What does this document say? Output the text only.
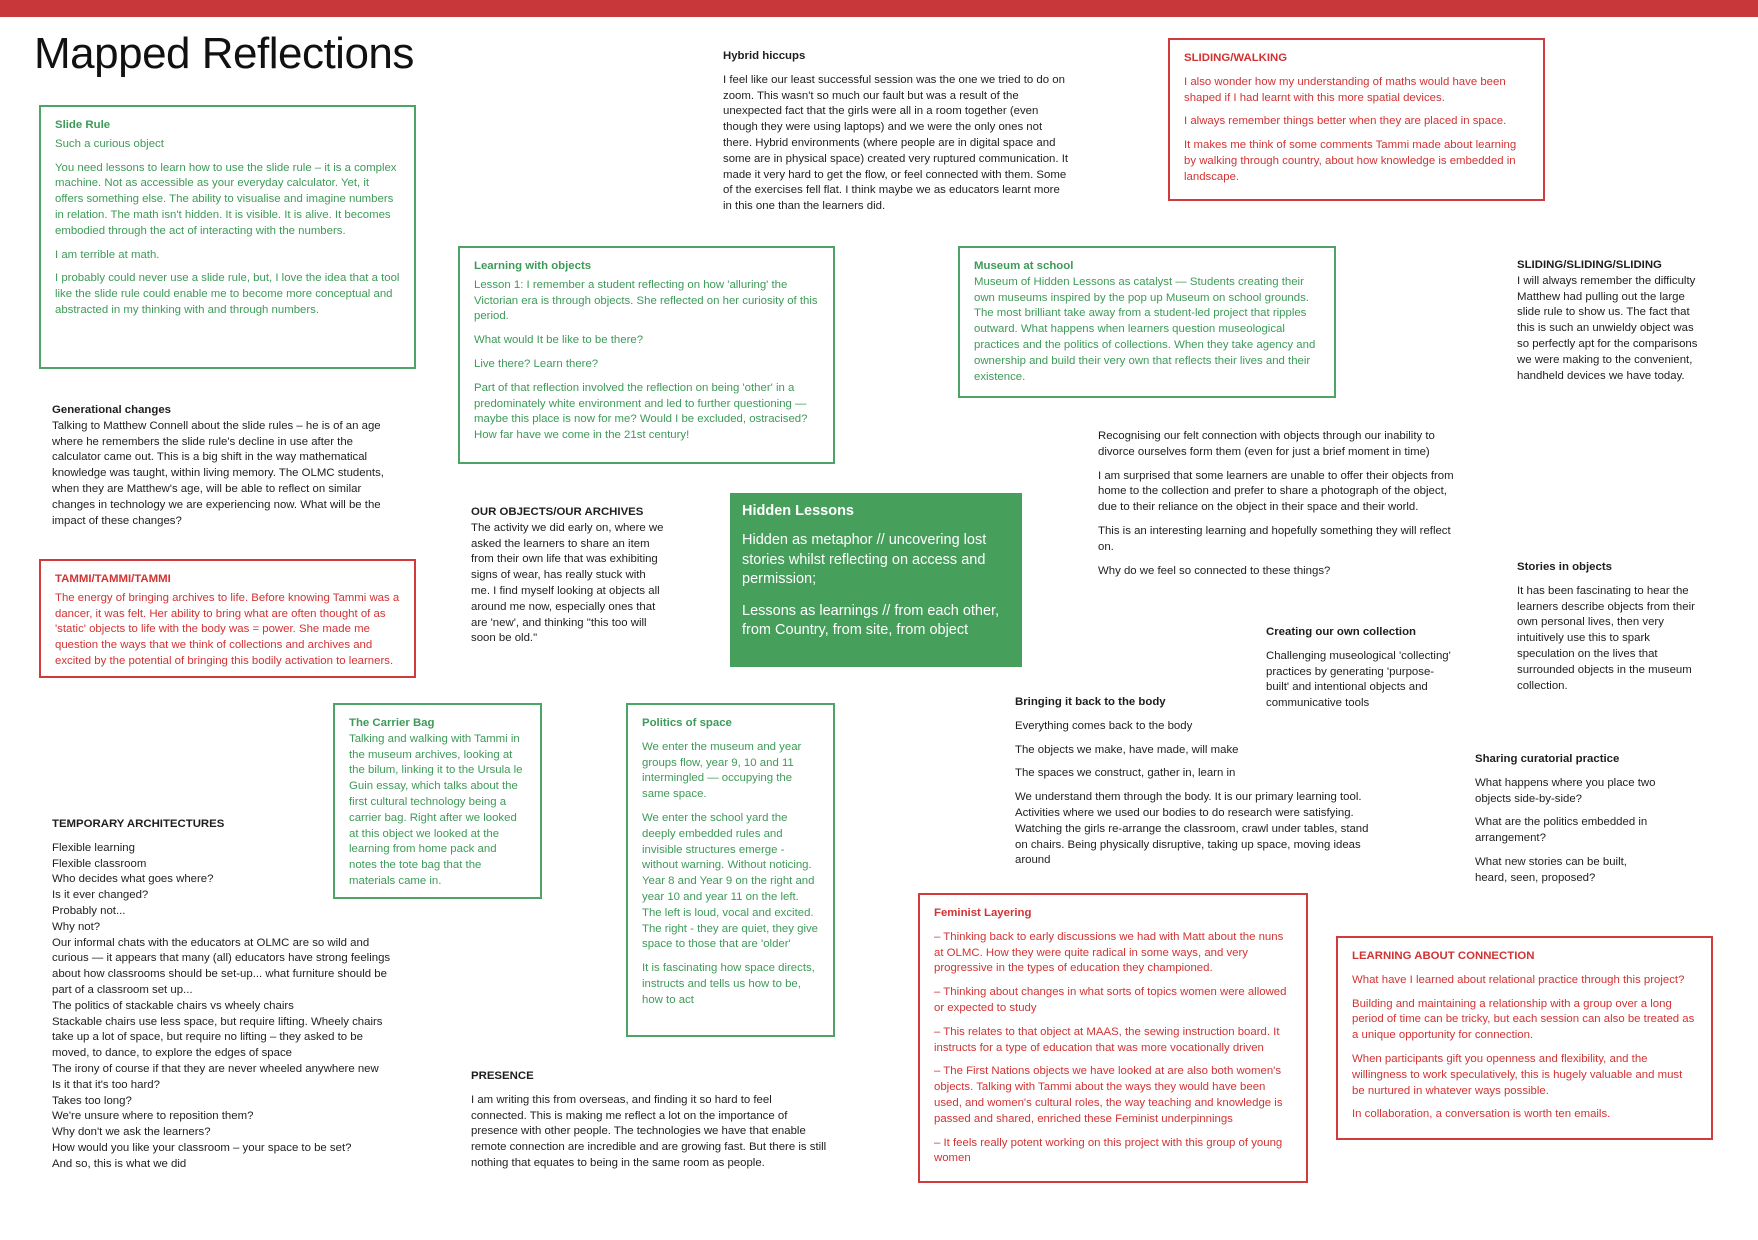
Mapped Reflections
Slide Rule

Such a curious object

You need lessons to learn how to use the slide rule – it is a complex machine. Not as accessible as your everyday calculator. Yet, it offers something else. The ability to visualise and imagine numbers in relation. The math isn't hidden. It is visible. It is alive. It becomes embodied through the act of interacting with the numbers.

I am terrible at math.

I probably could never use a slide rule, but, I love the idea that a tool like the slide rule could enable me to become more conceptual and abstracted in my thinking with and through numbers.

Generational changes

Talking to Matthew Connell about the slide rules – he is of an age where he remembers the slide rule's decline in use after the calculator came out. This is a big shift in the way mathematical knowledge was taught, within living memory. The OLMC students, when they are Matthew's age, will be able to reflect on similar changes in technology we are experiencing now. What will be the impact of these changes?

TAMMI/TAMMI/TAMMI

The energy of bringing archives to life. Before knowing Tammi was a dancer, it was felt. Her ability to bring what are often thought of as 'static' objects to life with the body was = power. She made me question the ways that we think of collections and archives and excited by the potential of bringing this bodily activation to learners.

TEMPORARY ARCHITECTURES
Flexible learning
Flexible classroom
Who decides what goes where?
Is it ever changed?
Probably not...
Why not?
Our informal chats with the educators at OLMC are so wild and curious — it appears that many (all) educators have strong feelings about how classrooms should be set-up... what furniture should be part of a classroom set up...
The politics of stackable chairs vs wheely chairs
Stackable chairs use less space, but require lifting. Wheely chairs take up a lot of space, but require no lifting – they asked to be moved, to dance, to explore the edges of space
The irony of course if that they are never wheeled anywhere new
Is it that it's too hard?
Takes too long?
We're unsure where to reposition them?
Why don't we ask the learners?
How would you like your classroom – your space to be set?
And so, this is what we did
Learning with objects

Lesson 1: I remember a student reflecting on how 'alluring' the Victorian era is through objects. She reflected on her curiosity of this period.

What would It be like to be there?

Live there? Learn there?

Part of that reflection involved the reflection on being 'other' in a predominately white environment and led to further questioning — maybe this place is now for me? Would I be excluded, ostracised? How far have we come in the 21st century!

OUR OBJECTS/OUR ARCHIVES

The activity we did early on, where we asked the learners to share an item from their own life that was exhibiting signs of wear, has really stuck with me. I find myself looking at objects all around me now, especially ones that are 'new', and thinking "this too will soon be old."

The Carrier Bag

Talking and walking with Tammi in the museum archives, looking at the bilum, linking it to the Ursula le Guin essay, which talks about the first cultural technology being a carrier bag. Right after we looked at this object we looked at the learning from home pack and notes the tote bag that the materials came in.

PRESENCE

I am writing this from overseas, and finding it so hard to feel connected. This is making me reflect a lot on the importance of presence with other people. The technologies we have that enable remote connection are incredible and are growing fast. But there is still nothing that equates to being in the same room as people.

Hybrid hiccups

I feel like our least successful session was the one we tried to do on zoom. This wasn't so much our fault but was a result of the unexpected fact that the girls were all in a room together (even though they were using laptops) and we were the only ones not there. Hybrid environments (where people are in digital space and some are in physical space) created very ruptured communication. It made it very hard to get the flow, or feel connected with them. Some of the exercises fell flat. I think maybe we as educators learnt more in this one than the learners did.

Hidden Lessons

Hidden as metaphor // uncovering lost stories whilst reflecting on access and permission;

Lessons as learnings // from each other, from Country, from site, from object

Politics of space

We enter the museum and year groups flow, year 9, 10 and 11 intermingled — occupying the same space.

We enter the school yard the deeply embedded rules and invisible structures emerge - without warning. Without noticing. Year 8 and Year 9 on the right and year 10 and year 11 on the left. The left is loud, vocal and excited. The right - they are quiet, they give space to those that are 'older'

It is fascinating how space directs, instructs and tells us how to be, how to act

Museum at school

Museum of Hidden Lessons as catalyst — Students creating their own museums inspired by the pop up Museum on school grounds. The most brilliant take away from a student-led project that ripples outward. What happens when learners question museological practices and the politics of collections. When they take agency and ownership and build their very own that reflects their lives and their existence.

SLIDING/WALKING

I also wonder how my understanding of maths would have been shaped if I had learnt with this more spatial devices.

I always remember things better when they are placed in space.

It makes me think of some comments Tammi made about learning by walking through country, about how knowledge is embedded in landscape.

Recognising our felt connection with objects through our inability to divorce ourselves form them (even for just a brief moment in time)

I am surprised that some learners are unable to offer their objects from home to the collection and prefer to share a photograph of the object, due to their reliance on the object in their space and their world.

This is an interesting learning and hopefully something they will reflect on.

Why do we feel so connected to these things?

SLIDING/SLIDING/SLIDING

I will always remember the difficulty Matthew had pulling out the large slide rule to show us. The fact that this is such an unwieldy object was so perfectly apt for the comparisons we were making to the convenient, handheld devices we have today.

Stories in objects

It has been fascinating to hear the learners describe objects from their own personal lives, then very intuitively use this to spark speculation on the lives that surrounded objects in the museum collection.

Creating our own collection

Challenging museological 'collecting' practices by generating 'purpose-built' and intentional objects and communicative tools

Bringing it back to the body

Everything comes back to the body

The objects we make, have made, will make

The spaces we construct, gather in, learn in

We understand them through the body. It is our primary learning tool. Activities where we used our bodies to do research were satisfying. Watching the girls re-arrange the classroom, crawl under tables, stand on chairs. Being physically disruptive, taking up space, moving ideas around

Sharing curatorial practice

What happens where you place two objects side-by-side?

What are the politics embedded in arrangement?

What new stories can be built, heard, seen, proposed?

Feminist Layering

– Thinking back to early discussions we had with Matt about the nuns at OLMC. How they were quite radical in some ways, and very progressive in the types of education they championed.

– Thinking about changes in what sorts of topics women were allowed or expected to study

– This relates to that object at MAAS, the sewing instruction board. It instructs for a type of education that was more vocationally driven

– The First Nations objects we have looked at are also both women's objects. Talking with Tammi about the ways they would have been used, and women's cultural roles, the way teaching and knowledge is passed and shared, enriched these Feminist underpinnings

– It feels really potent working on this project with this group of young women

LEARNING ABOUT CONNECTION

What have I learned about relational practice through this project?

Building and maintaining a relationship with a group over a long period of time can be tricky, but each session can also be treated as a unique opportunity for connection.

When participants gift you openness and flexibility, and the willingness to work speculatively, this is hugely valuable and must be nurtured in whatever ways possible.

In collaboration, a conversation is worth ten emails.
